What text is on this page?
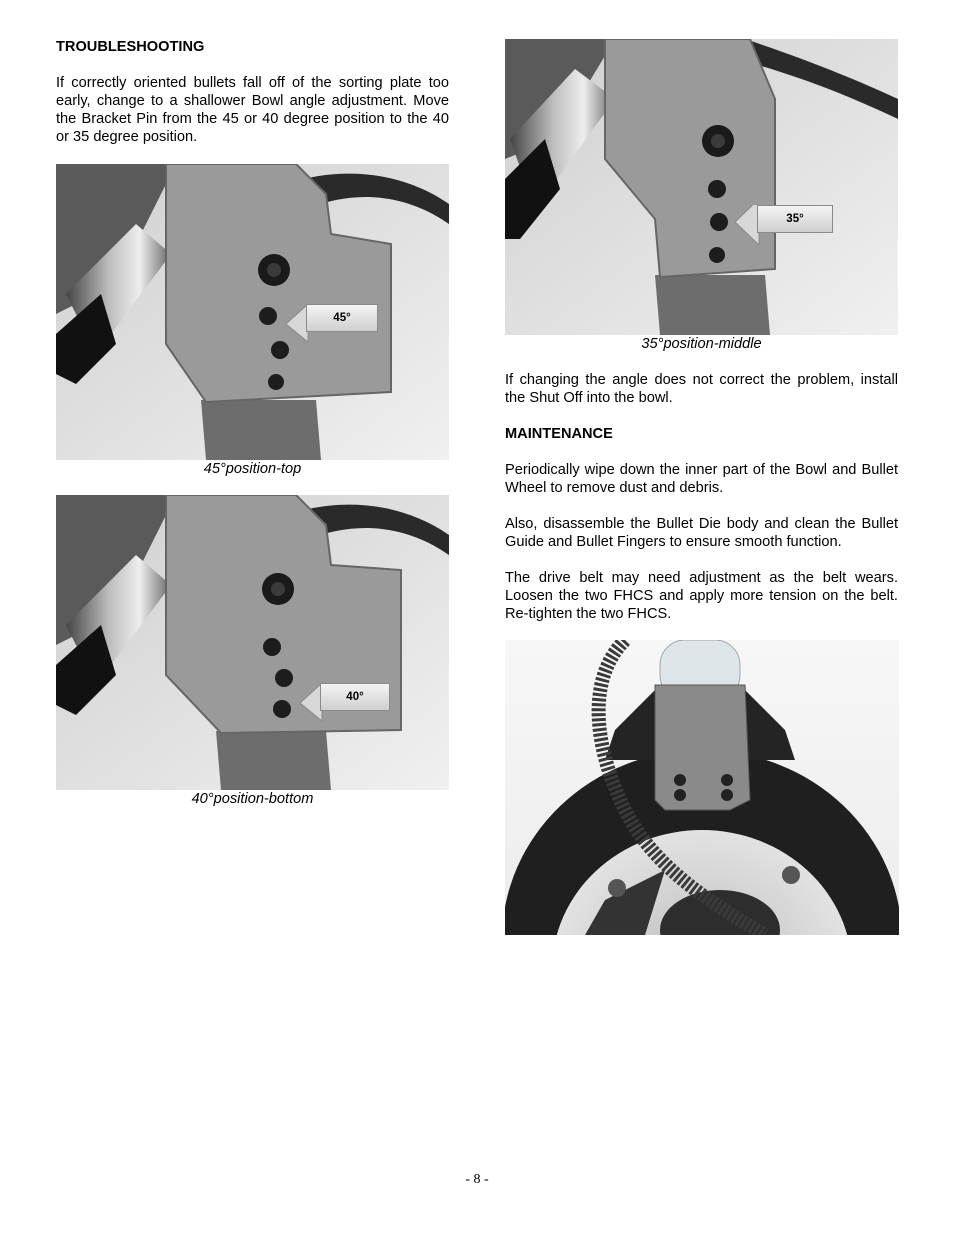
TROUBLESHOOTING

If correctly oriented bullets fall off of the sorting plate too early, change to a shallower Bowl angle adjustment. Move the Bracket Pin from the 45 or 40 degree position to the 40 or 35 degree position.

45°

45°position-top

40°

40°position-bottom

35°

35°position-middle

If changing the angle does not correct the problem, install the Shut Off into the bowl.

MAINTENANCE

Periodically wipe down the inner part of the Bowl and Bullet Wheel to remove dust and debris.

Also, disassemble the Bullet Die body and clean the Bullet Guide and Bullet Fingers to ensure smooth function.

The drive belt may need adjustment as the belt wears. Loosen the two FHCS and apply more tension on the belt. Re-tighten the two FHCS.

- 8 -
